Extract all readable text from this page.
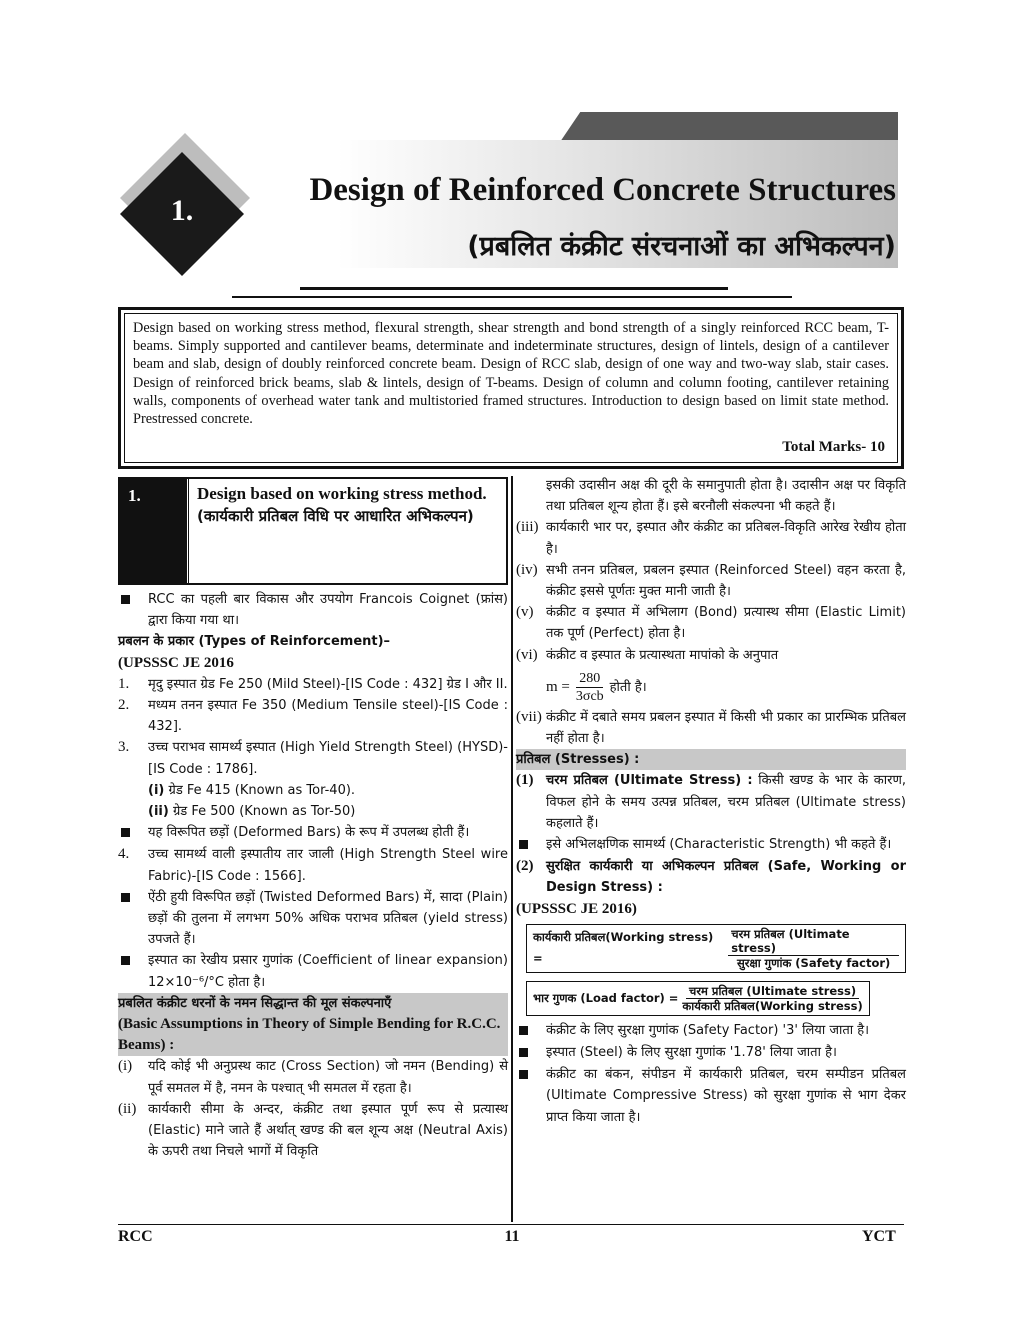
1.
Design of Reinforced Concrete Structures
(प्रबलित कंक्रीट संरचनाओं का अभिकल्पन)
Design based on working stress method, flexural strength, shear strength and bond strength of a singly reinforced RCC beam, T-beams. Simply supported and cantilever beams, determinate and indeterminate structures, design of lintels, design of a cantilever beam and slab, design of doubly reinforced concrete beam. Design of RCC slab, design of one way and two-way slab, stair cases. Design of reinforced brick beams, slab & lintels, design of T-beams. Design of column and column footing, cantilever retaining walls, components of overhead water tank and multistoried framed structures. Introduction to design based on limit state method. Prestressed concrete.
Total Marks- 10
1.	Design based on working stress method.
(कार्यकारी प्रतिबल विधि पर आधारित अभिकल्पन)
RCC का पहली बार विकास और उपयोग Francois Coignet (फ्रांस) द्वारा किया गया था।

प्रबलन के प्रकार (Types of Reinforcement)–

(UPSSSC JE 2016

1.	मृदु इस्पात ग्रेड Fe 250 (Mild Steel)-[IS Code : 432] ग्रेड I और II.
2.	मध्यम तनन इस्पात Fe 350 (Medium Tensile steel)-[IS Code : 432].
3.	उच्च पराभव सामर्थ्य इस्पात (High Yield Strength Steel) (HYSD)-[IS Code : 1786].
(i) ग्रेड Fe 415 (Known as Tor-40).
(ii) ग्रेड Fe 500 (Known as Tor-50)
यह विरूपित छड़ों (Deformed Bars) के रूप में उपलब्ध होती हैं।
4.	उच्च सामर्थ्य वाली इस्पातीय तार जाली (High Strength Steel wire Fabric)-[IS Code : 1566].
ऐंठी हुयी विरूपित छड़ों (Twisted Deformed Bars) में, सादा (Plain) छड़ों की तुलना में लगभग 50% अधिक पराभव प्रतिबल (yield stress) उपजते हैं।
इस्पात का रेखीय प्रसार गुणांक (Coefficient of linear expansion) 12×10⁻⁶/°C होता है।
प्रबलित कंक्रीट धरनों के नमन सिद्धान्त की मूल संकल्पनाएँ
(Basic Assumptions in Theory of Simple Bending for R.C.C. Beams) :
(i)	यदि कोई भी अनुप्रस्थ काट (Cross Section) जो नमन (Bending) से पूर्व समतल में है, नमन के पश्चात् भी समतल में रहता है।
(ii) कार्यकारी सीमा के अन्दर, कंक्रीट तथा इस्पात पूर्ण रूप से प्रत्यास्थ (Elastic) माने जाते हैं अर्थात् खण्ड की बल शून्य अक्ष (Neutral Axis) के ऊपरी तथा निचले भागों में विकृति
इसकी उदासीन अक्ष की दूरी के समानुपाती होता है। उदासीन अक्ष पर विकृति तथा प्रतिबल शून्य होता हैं। इसे बरनौली संकल्पना भी कहते हैं।
(iii) कार्यकारी भार पर, इस्पात और कंक्रीट का प्रतिबल-विकृति आरेख रेखीय होता है।
(iv) सभी तनन प्रतिबल, प्रबलन इस्पात (Reinforced Steel) वहन करता है, कंक्रीट इससे पूर्णतः मुक्त मानी जाती है।
(v) कंक्रीट व इस्पात में अभिलाग (Bond) प्रत्यास्थ सीमा (Elastic Limit) तक पूर्ण (Perfect) होता है।
(vi) कंक्रीट व इस्पात के प्रत्यास्थता मापांको के अनुपात
$m = \frac{280}{\text{3σcb}}$ होती है।
(vii) कंक्रीट में दबाते समय प्रबलन इस्पात में किसी भी प्रकार का प्रारम्भिक प्रतिबल नहीं होता है।
प्रतिबल (Stresses) :
(1) चरम प्रतिबल (Ultimate Stress) : किसी खण्ड के भार के कारण, विफल होने के समय उत्पन्न प्रतिबल, चरम प्रतिबल (Ultimate stress) कहलाते हैं।
इसे अभिलक्षणिक सामर्थ्य (Characteristic Strength) भी कहते हैं।
(2) सुरक्षित कार्यकारी या अभिकल्पन प्रतिबल (Safe, Working or Design Stress) :

(UPSSSC JE 2016)

कार्यकारी प्रतिबल(Working stress) =	$\frac{\text{चरम प्रतिबल (Ultimate stress)}}{\text{सुरक्षा गुणांक (Safety factor)}}$

भार गुणक (Load factor) = $\frac{\text{चरम प्रतिबल (Ultimate stress)}}{\text{कार्यकारी प्रतिबल(Working stress)}}$
कंक्रीट के लिए सुरक्षा गुणांक (Safety Factor) '3' लिया जाता है।
इस्पात (Steel) के लिए सुरक्षा गुणांक '1.78' लिया जाता है।
कंक्रीट का बंकन, संपीडन में कार्यकारी प्रतिबल, चरम सम्पीडन प्रतिबल (Ultimate Compressive Stress) को सुरक्षा गुणांक से भाग देकर प्राप्त किया जाता है।
RCC	11	YCT
